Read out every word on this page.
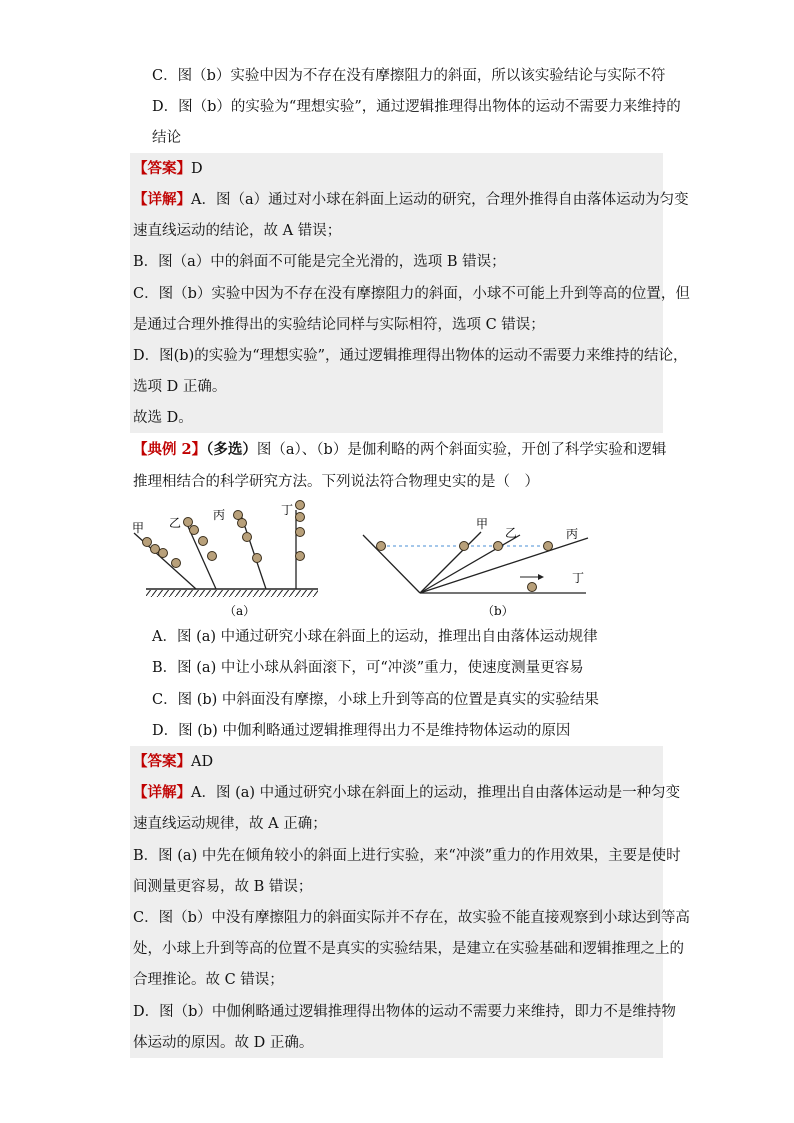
C．图（b）实验中因为不存在没有摩擦阻力的斜面，所以该实验结论与实际不符
D．图（b）的实验为“理想实验”，通过逻辑推理得出物体的运动不需要力来维持的
结论
【答案】D
【详解】A．图（a）通过对小球在斜面上运动的研究，合理外推得自由落体运动为匀变
速直线运动的结论，故 A 错误；
B．图（a）中的斜面不可能是完全光滑的，选项 B 错误；
C．图（b）实验中因为不存在没有摩擦阻力的斜面，小球不可能上升到等高的位置，但
是通过合理外推得出的实验结论同样与实际相符，选项 C 错误；
D．图(b)的实验为“理想实验”，通过逻辑推理得出物体的运动不需要力来维持的结论，
选项 D 正确。
故选 D。
【典例 2】（多选）图（a）、（b）是伽利略的两个斜面实验，开创了科学实验和逻辑
推理相结合的科学研究方法。下列说法符合物理史实的是（　）
甲 乙
丙	丁
（a）
甲
乙	丙
丁
（b）
A．图 (a) 中通过研究小球在斜面上的运动，推理出自由落体运动规律
B．图 (a) 中让小球从斜面滚下，可“冲淡”重力，使速度测量更容易
C．图 (b) 中斜面没有摩擦，小球上升到等高的位置是真实的实验结果
D．图 (b) 中伽利略通过逻辑推理得出力不是维持物体运动的原因
【答案】AD
【详解】A．图 (a) 中通过研究小球在斜面上的运动，推理出自由落体运动是一种匀变
速直线运动规律，故 A 正确；
B．图 (a) 中先在倾角较小的斜面上进行实验，来“冲淡”重力的作用效果，主要是使时
间测量更容易，故 B 错误；
C．图（b）中没有摩擦阻力的斜面实际并不存在，故实验不能直接观察到小球达到等高
处，小球上升到等高的位置不是真实的实验结果，是建立在实验基础和逻辑推理之上的
合理推论。故 C 错误；
D．图（b）中伽俐略通过逻辑推理得出物体的运动不需要力来维持，即力不是维持物
体运动的原因。故 D 正确。
